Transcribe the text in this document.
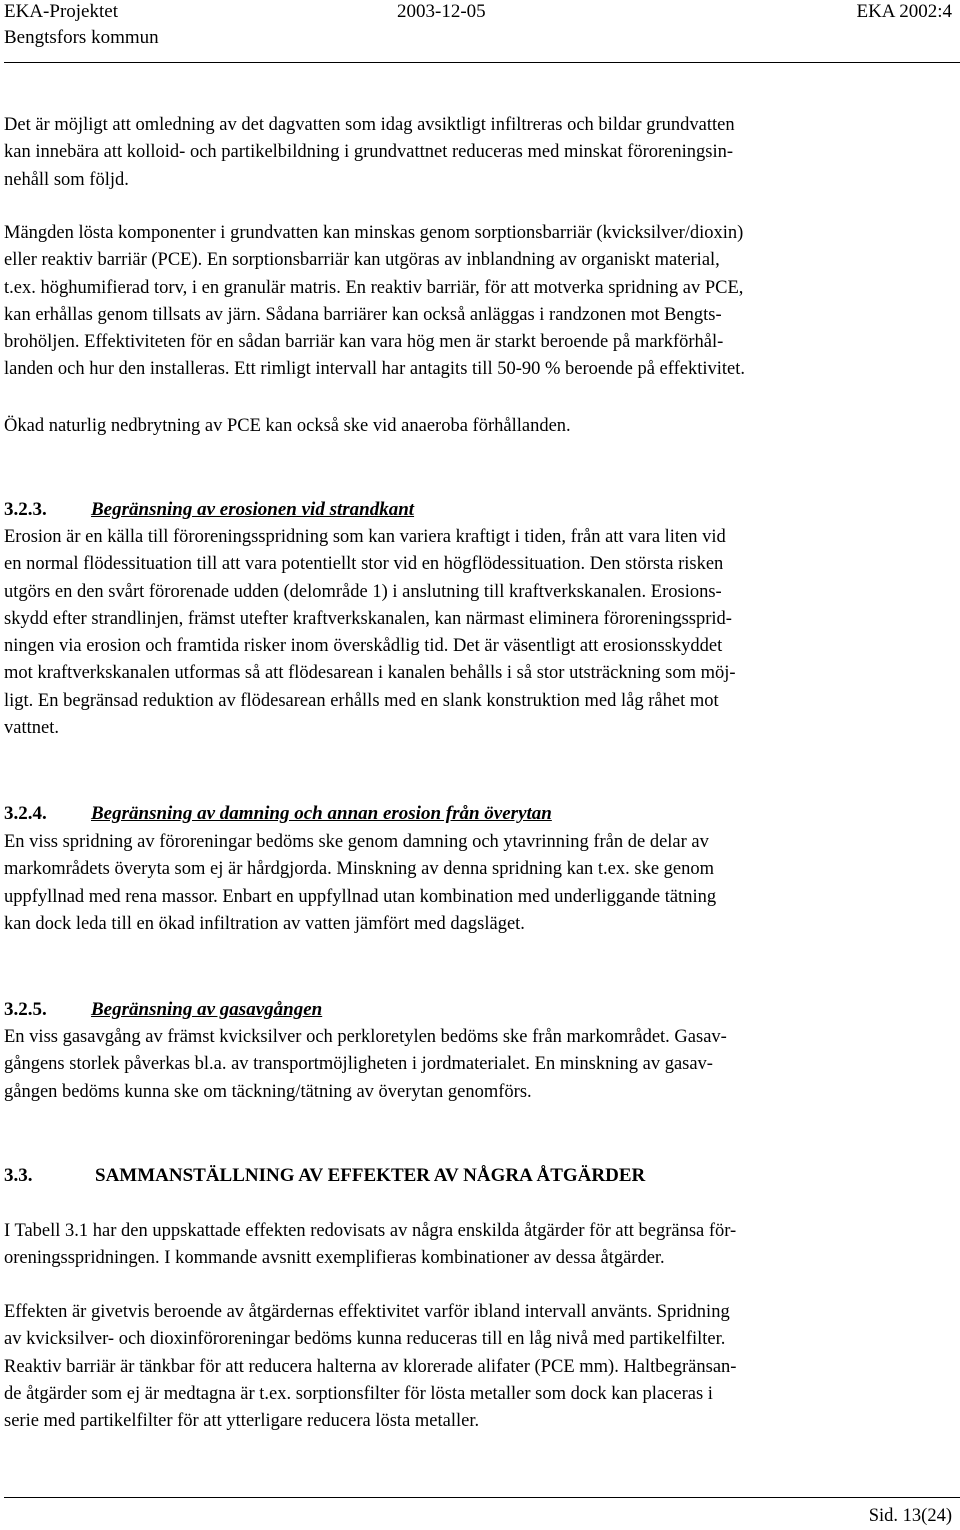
EKA-Projektet
Bengtsfors kommun
2003-12-05	EKA 2002:4
Det är möjligt att omledning av det dagvatten som idag avsiktligt infiltreras och bildar grundvatten
kan innebära att kolloid- och partikelbildning i grundvattnet reduceras med minskat föroreningsin-
nehåll som följd.
Mängden lösta komponenter i grundvatten kan minskas genom sorptionsbarriär (kvicksilver/dioxin)
eller reaktiv barriär (PCE). En sorptionsbarriär kan utgöras av inblandning av organiskt material,
t.ex. höghumifierad torv, i en granulär matris. En reaktiv barriär, för att motverka spridning av PCE,
kan erhållas genom tillsats av järn. Sådana barriärer kan också anläggas i randzonen mot Bengts-
brohöljen. Effektiviteten för en sådan barriär kan vara hög men är starkt beroende på markförhål-
landen och hur den installeras. Ett rimligt intervall har antagits till 50-90 % beroende på effektivitet.
Ökad naturlig nedbrytning av PCE kan också ske vid anaeroba förhållanden.
3.2.3. Begränsning av erosionen vid strandkant
Erosion är en källa till föroreningsspridning som kan variera kraftigt i tiden, från att vara liten vid
en normal flödessituation till att vara potentiellt stor vid en högflödessituation. Den största risken
utgörs en den svårt förorenade udden (delområde 1) i anslutning till kraftverkskanalen. Erosions-
skydd efter strandlinjen, främst utefter kraftverkskanalen, kan närmast eliminera föroreningssprid-
ningen via erosion och framtida risker inom överskådlig tid. Det är väsentligt att erosionsskyddet
mot kraftverkskanalen utformas så att flödesarean i kanalen behålls i så stor utsträckning som möj-
ligt. En begränsad reduktion av flödesarean erhålls med en slank konstruktion med låg råhet mot
vattnet.
3.2.4. Begränsning av damning och annan erosion från överytan
En viss spridning av föroreningar bedöms ske genom damning och ytavrinning från de delar av
markområdets överyta som ej är hårdgjorda. Minskning av denna spridning kan t.ex. ske genom
uppfyllnad med rena massor. Enbart en uppfyllnad utan kombination med underliggande tätning
kan dock leda till en ökad infiltration av vatten jämfört med dagsläget.
3.2.5. Begränsning av gasavgången
En viss gasavgång av främst kvicksilver och perkloretylen bedöms ske från markområdet. Gasav-
gångens storlek påverkas bl.a. av transportmöjligheten i jordmaterialet. En minskning av gasav-
gången bedöms kunna ske om täckning/tätning av överytan genomförs.
3.3.	SAMMANSTÄLLNING AV EFFEKTER AV NÅGRA ÅTGÄRDER
I Tabell 3.1 har den uppskattade effekten redovisats av några enskilda åtgärder för att begränsa för-
oreningsspridningen. I kommande avsnitt exemplifieras kombinationer av dessa åtgärder.
Effekten är givetvis beroende av åtgärdernas effektivitet varför ibland intervall använts. Spridning
av kvicksilver- och dioxinföroreningar bedöms kunna reduceras till en låg nivå med partikelfilter.
Reaktiv barriär är tänkbar för att reducera halterna av klorerade alifater (PCE mm). Haltbegränsan-
de åtgärder som ej är medtagna är t.ex. sorptionsfilter för lösta metaller som dock kan placeras i
serie med partikelfilter för att ytterligare reducera lösta metaller.
Sid. 13(24)
